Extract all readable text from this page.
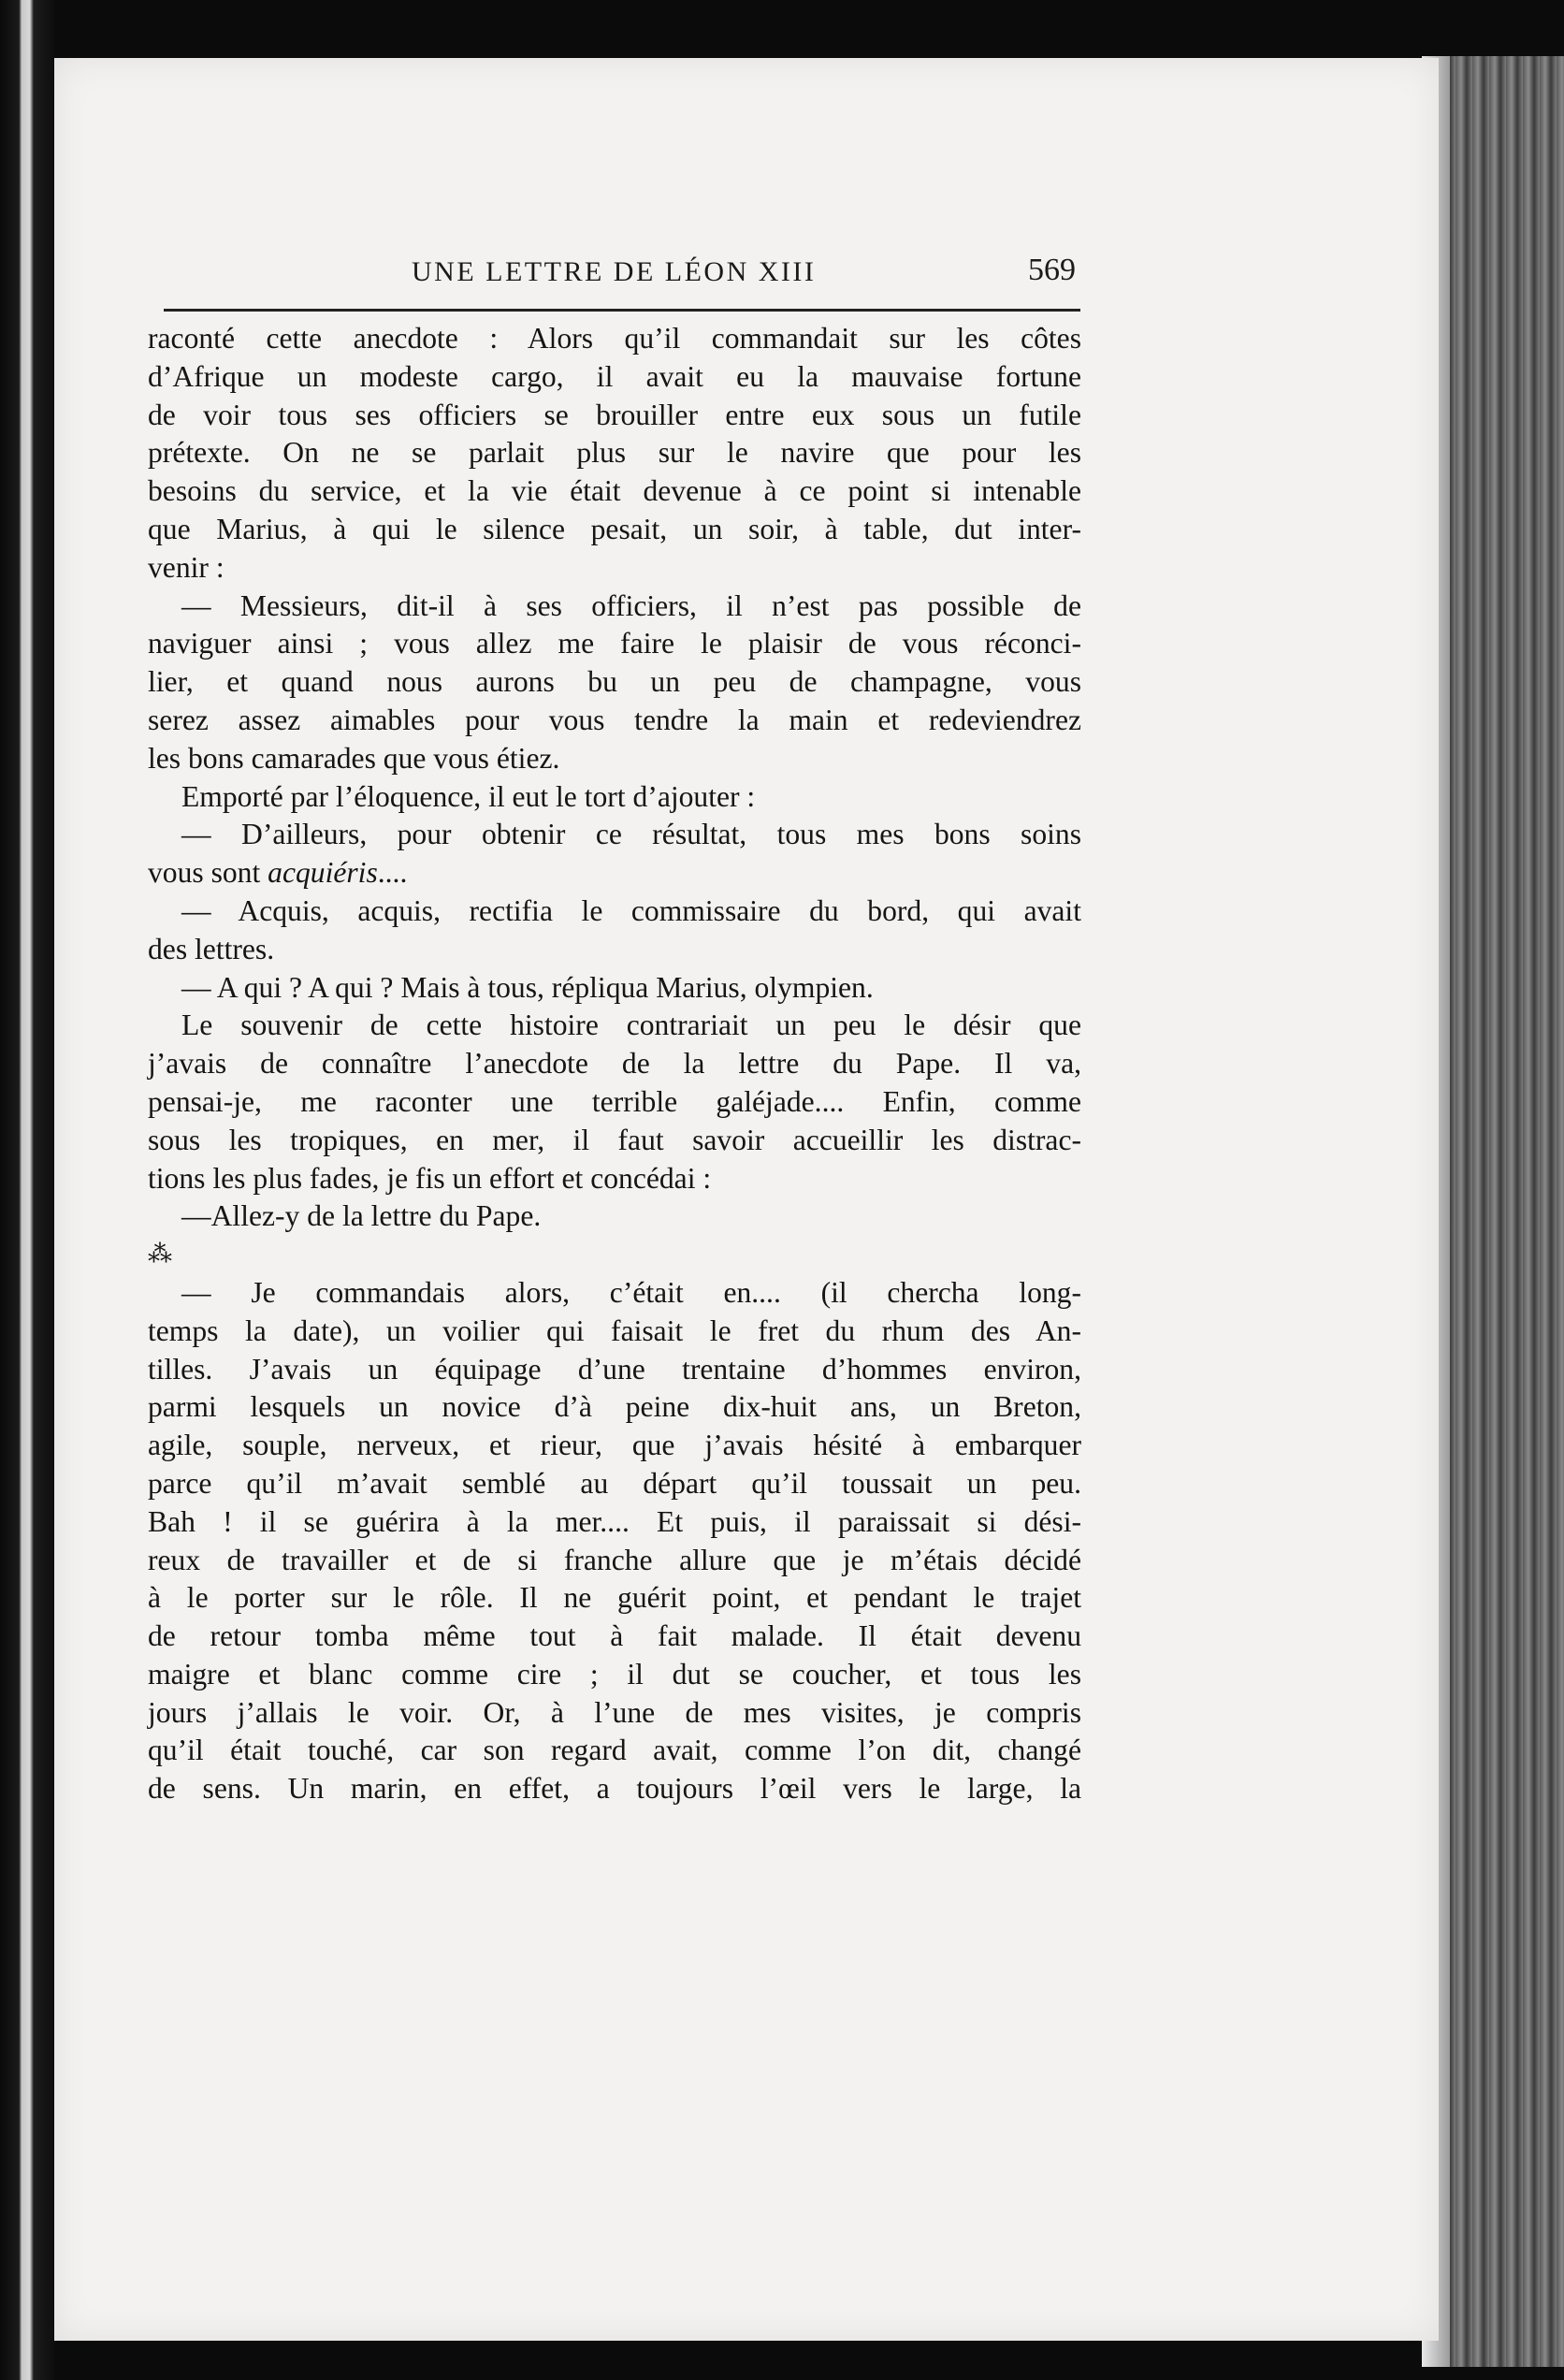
UNE LETTRE DE LÉON XIII	569

raconté cette anecdote : Alors qu’il commandait sur les côtes

d’Afrique un modeste cargo, il avait eu la mauvaise fortune

de voir tous ses officiers se brouiller entre eux sous un futile

prétexte. On ne se parlait plus sur le navire que pour les

besoins du service, et la vie était devenue à ce point si intenable

que Marius, à qui le silence pesait, un soir, à table, dut inter-

venir :

— Messieurs, dit-il à ses officiers, il n’est pas possible de

naviguer ainsi ; vous allez me faire le plaisir de vous réconci-

lier, et quand nous aurons bu un peu de champagne, vous

serez assez aimables pour vous tendre la main et redeviendrez

les bons camarades que vous étiez.

Emporté par l’éloquence, il eut le tort d’ajouter :

— D’ailleurs, pour obtenir ce résultat, tous mes bons soins

vous sont acquiéris....

— Acquis, acquis, rectifia le commissaire du bord, qui avait

des lettres.

— A qui ? A qui ? Mais à tous, répliqua Marius, olympien.

Le souvenir de cette histoire contrariait un peu le désir que

j’avais de connaître l’anecdote de la lettre du Pape. Il va,

pensai-je, me raconter une terrible galéjade.... Enfin, comme

sous les tropiques, en mer, il faut savoir accueillir les distrac-

tions les plus fades, je fis un effort et concédai :

—Allez-y de la lettre du Pape.

⁂

— Je commandais alors, c’était en.... (il chercha long-

temps la date), un voilier qui faisait le fret du rhum des An-

tilles. J’avais un équipage d’une trentaine d’hommes environ,

parmi lesquels un novice d’à peine dix-huit ans, un Breton,

agile, souple, nerveux, et rieur, que j’avais hésité à embarquer

parce qu’il m’avait semblé au départ qu’il toussait un peu.

Bah ! il se guérira à la mer.... Et puis, il paraissait si dési-

reux de travailler et de si franche allure que je m’étais décidé

à le porter sur le rôle. Il ne guérit point, et pendant le trajet

de retour tomba même tout à fait malade. Il était devenu

maigre et blanc comme cire ; il dut se coucher, et tous les

jours j’allais le voir. Or, à l’une de mes visites, je compris

qu’il était touché, car son regard avait, comme l’on dit, changé

de sens. Un marin, en effet, a toujours l’œil vers le large, la
